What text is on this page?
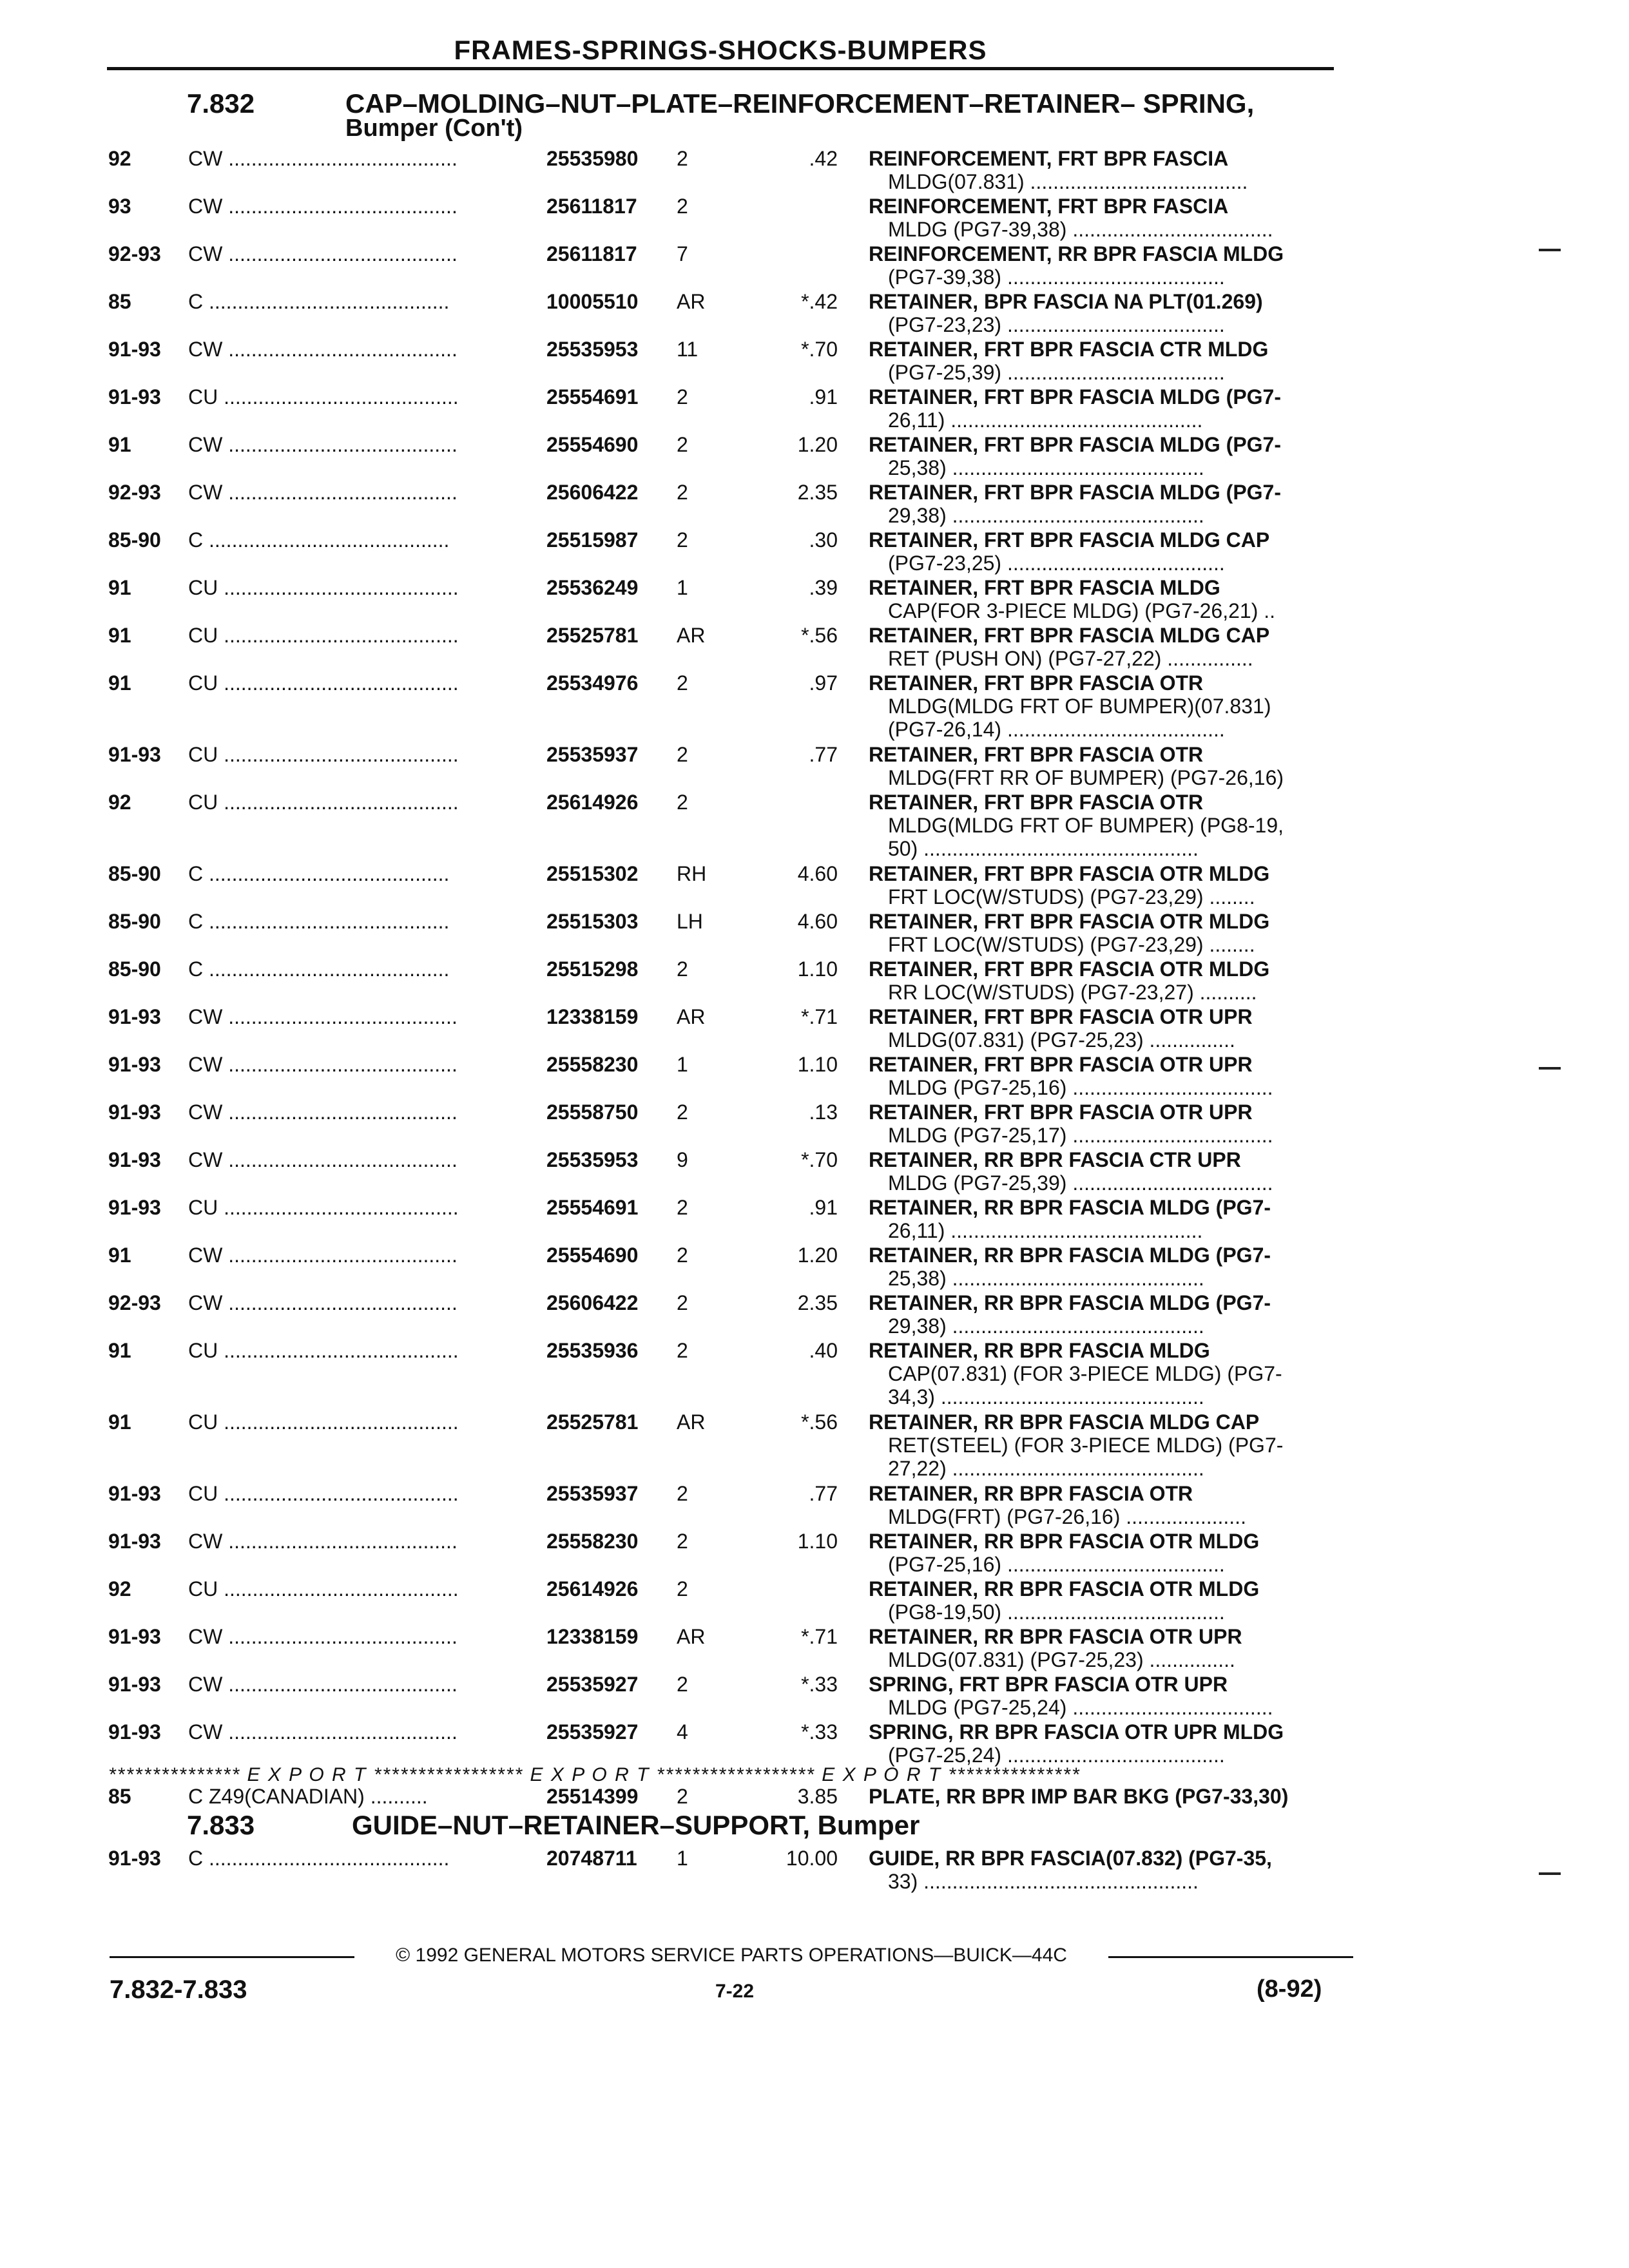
FRAMES-SPRINGS-SHOCKS-BUMPERS
7.832	CAP–MOLDING–NUT–PLATE–REINFORCEMENT–RETAINER– SPRING,
Bumper (Con't)
92	CW ........................................	25535980 2	.42 REINFORCEMENT, FRT BPR FASCIA
MLDG(07.831) ......................................
93	CW ........................................	25611817 2	REINFORCEMENT, FRT BPR FASCIA
MLDG (PG7-39,38) ...................................
92-93 CW ........................................	25611817 7	REINFORCEMENT, RR BPR FASCIA MLDG
(PG7-39,38) ......................................
85	C ..........................................	10005510 AR	*.42 RETAINER, BPR FASCIA NA PLT(01.269)
(PG7-23,23) ......................................
91-93 CW ........................................	25535953 11	*.70 RETAINER, FRT BPR FASCIA CTR MLDG
(PG7-25,39) ......................................
91-93 CU .........................................	25554691 2	.91 RETAINER, FRT BPR FASCIA MLDG (PG7-
26,11) ............................................
91	CW ........................................	25554690 2	1.20 RETAINER, FRT BPR FASCIA MLDG (PG7-
25,38) ............................................
92-93 CW ........................................	25606422 2	2.35 RETAINER, FRT BPR FASCIA MLDG (PG7-
29,38) ............................................
85-90 C ..........................................	25515987 2	.30 RETAINER, FRT BPR FASCIA MLDG CAP
(PG7-23,25) ......................................
91	CU .........................................	25536249 1	.39 RETAINER, FRT BPR FASCIA MLDG
CAP(FOR 3-PIECE MLDG) (PG7-26,21) ..
91	CU .........................................	25525781 AR	*.56 RETAINER, FRT BPR FASCIA MLDG CAP
RET (PUSH ON) (PG7-27,22) ...............
91	CU .........................................	25534976 2	.97 RETAINER, FRT BPR FASCIA OTR
MLDG(MLDG FRT OF BUMPER)(07.831)
(PG7-26,14) ......................................
91-93 CU .........................................	25535937 2	.77 RETAINER, FRT BPR FASCIA OTR
MLDG(FRT RR OF BUMPER) (PG7-26,16)
92	CU .........................................	25614926 2	RETAINER, FRT BPR FASCIA OTR
MLDG(MLDG FRT OF BUMPER) (PG8-19,
50) ................................................
85-90 C ..........................................	25515302 RH	4.60 RETAINER, FRT BPR FASCIA OTR MLDG
FRT LOC(W/STUDS) (PG7-23,29) ........
85-90 C ..........................................	25515303 LH	4.60 RETAINER, FRT BPR FASCIA OTR MLDG
FRT LOC(W/STUDS) (PG7-23,29) ........
85-90 C ..........................................	25515298 2	1.10 RETAINER, FRT BPR FASCIA OTR MLDG
RR LOC(W/STUDS) (PG7-23,27) ..........
91-93 CW ........................................	12338159 AR	*.71 RETAINER, FRT BPR FASCIA OTR UPR
MLDG(07.831) (PG7-25,23) ...............
91-93 CW ........................................	25558230 1	1.10 RETAINER, FRT BPR FASCIA OTR UPR
MLDG (PG7-25,16) ...................................
91-93 CW ........................................	25558750 2	.13 RETAINER, FRT BPR FASCIA OTR UPR
MLDG (PG7-25,17) ...................................
91-93 CW ........................................	25535953 9	*.70 RETAINER, RR BPR FASCIA CTR UPR
MLDG (PG7-25,39) ...................................
91-93 CU .........................................	25554691 2	.91 RETAINER, RR BPR FASCIA MLDG (PG7-
26,11) ............................................
91	CW ........................................	25554690 2	1.20 RETAINER, RR BPR FASCIA MLDG (PG7-
25,38) ............................................
92-93 CW ........................................	25606422 2	2.35 RETAINER, RR BPR FASCIA MLDG (PG7-
29,38) ............................................
91	CU .........................................	25535936 2	.40 RETAINER, RR BPR FASCIA MLDG
CAP(07.831) (FOR 3-PIECE MLDG) (PG7-
34,3) ..............................................
91	CU .........................................	25525781 AR	*.56 RETAINER, RR BPR FASCIA MLDG CAP
RET(STEEL) (FOR 3-PIECE MLDG) (PG7-
27,22) ............................................
91-93 CU .........................................	25535937 2	.77 RETAINER, RR BPR FASCIA OTR
MLDG(FRT) (PG7-26,16) .....................
91-93 CW ........................................	25558230 2	1.10 RETAINER, RR BPR FASCIA OTR MLDG
(PG7-25,16) ......................................
92	CU .........................................	25614926 2	RETAINER, RR BPR FASCIA OTR MLDG
(PG8-19,50) ......................................
91-93 CW ........................................	12338159 AR	*.71 RETAINER, RR BPR FASCIA OTR UPR
MLDG(07.831) (PG7-25,23) ...............
91-93 CW ........................................	25535927 2	*.33 SPRING, FRT BPR FASCIA OTR UPR
MLDG (PG7-25,24) ...................................
91-93 CW ........................................	25535927 4	*.33 SPRING, RR BPR FASCIA OTR UPR MLDG
(PG7-25,24) ......................................
*************** E X P O R T ***************** E X P O R T ****************** E X P O R T ***************
85	C Z49(CANADIAN) ..........	25514399 2	3.85 PLATE, RR BPR IMP BAR BKG (PG7-33,30)
7.833	GUIDE–NUT–RETAINER–SUPPORT, Bumper
91-93 C ..........................................	20748711 1	10.00 GUIDE, RR BPR FASCIA(07.832) (PG7-35,
33) ................................................
© 1992 GENERAL MOTORS SERVICE PARTS OPERATIONS—BUICK—44C
7.832-7.833	7-22	(8-92)
